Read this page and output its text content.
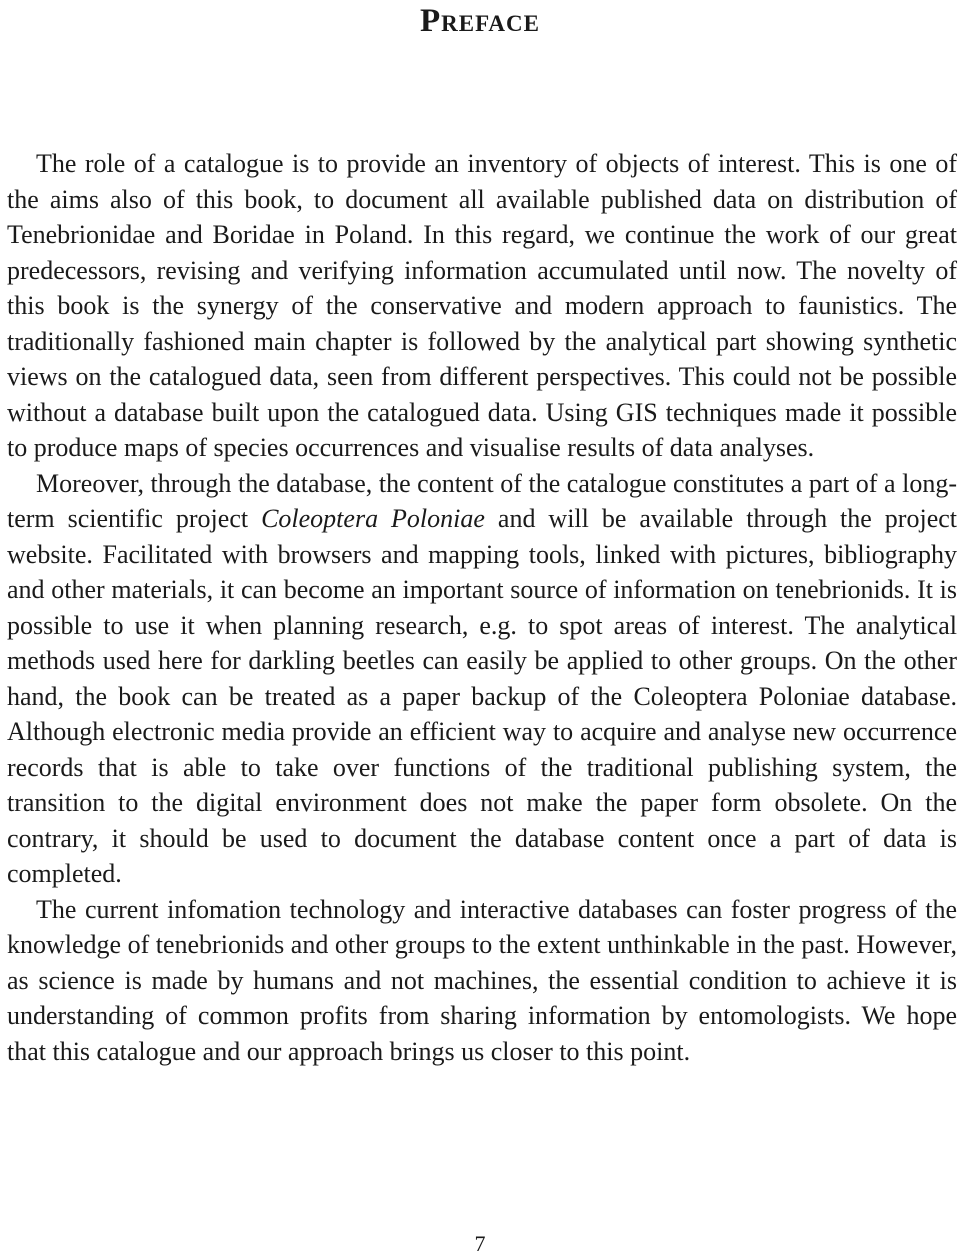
Preface

The role of a catalogue is to provide an inventory of objects of interest. This is one of the aims also of this book, to document all available published data on distribution of Tenebrionidae and Boridae in Poland. In this regard, we continue the work of our great predecessors, revising and verifying information accumulated until now. The novelty of this book is the synergy of the conservative and modern approach to faunistics. The traditionally fashioned main chapter is followed by the analytical part showing synthetic views on the catalogued data, seen from different perspectives. This could not be possible without a database built upon the catalogued data. Using GIS techniques made it possible to produce maps of species occurrences and visualise results of data analyses.

Moreover, through the database, the content of the catalogue constitutes a part of a long-term scientific project Coleoptera Poloniae and will be available through the project website. Facilitated with browsers and mapping tools, linked with pictures, bibliography and other materials, it can become an important source of information on tenebrionids. It is possible to use it when planning research, e.g. to spot areas of interest. The analytical methods used here for darkling beetles can easily be applied to other groups. On the other hand, the book can be treated as a paper backup of the Coleoptera Poloniae database. Although electronic media provide an efficient way to acquire and analyse new occurrence records that is able to take over functions of the traditional publishing system, the transition to the digital environment does not make the paper form obsolete. On the contrary, it should be used to document the database content once a part of data is completed.

The current infomation technology and interactive databases can foster progress of the knowledge of tenebrionids and other groups to the extent unthinkable in the past. However, as science is made by humans and not machines, the essential condition to achieve it is understanding of common profits from sharing information by entomologists. We hope that this catalogue and our approach brings us closer to this point.

7
